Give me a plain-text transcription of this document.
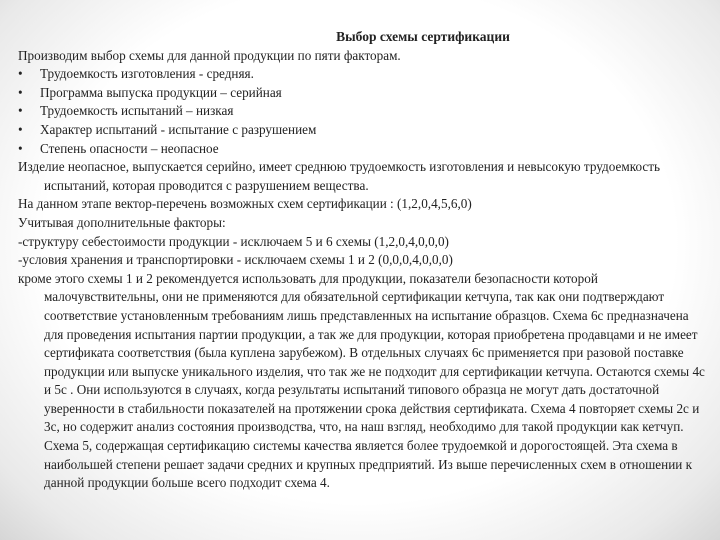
Выбор схемы сертификации

Производим выбор схемы для данной продукции по пяти факторам.

•	Трудоемкость изготовления - средняя.
•	Программа выпуска продукции – серийная
•	Трудоемкость испытаний – низкая
•	Характер испытаний - испытание с разрушением
•	Степень опасности – неопасное

Изделие неопасное, выпускается серийно, имеет среднюю трудоемкость изготовления и невысокую трудоемкость испытаний, которая проводится с разрушением вещества.

На данном этапе вектор-перечень возможных схем сертификации : (1,2,0,4,5,6,0)

Учитывая дополнительные факторы:

-структуру себестоимости продукции - исключаем 5 и 6 схемы (1,2,0,4,0,0,0)

-условия хранения и транспортировки - исключаем схемы 1 и 2 (0,0,0,4,0,0,0)

кроме этого схемы 1 и 2 рекомендуется использовать для продукции, показатели безопасности которой малочувствительны, они не применяются для обязательной сертификации кетчупа, так как они подтверждают соответствие установленным требованиям лишь представленных на испытание образцов. Схема 6с предназначена для проведения испытания партии продукции, а так же для продукции, которая приобретена продавцами и не имеет сертификата соответствия (была куплена зарубежом). В отдельных случаях 6с применяется при разовой поставке продукции или выпуске уникального изделия, что так же не подходит для сертификации кетчупа. Остаются схемы 4с и 5с . Они используются в случаях, когда результаты испытаний типового образца не могут дать достаточной уверенности в стабильности показателей на протяжении срока действия сертификата. Схема 4 повторяет схемы 2с и 3с, но содержит анализ состояния производства, что, на наш взгляд, необходимо для такой продукции как кетчуп. Схема 5, содержащая сертификацию системы качества является более трудоемкой и дорогостоящей. Эта схема в наибольшей степени решает задачи средних и крупных предприятий. Из выше перечисленных схем в отношении к данной продукции больше всего подходит схема 4.
